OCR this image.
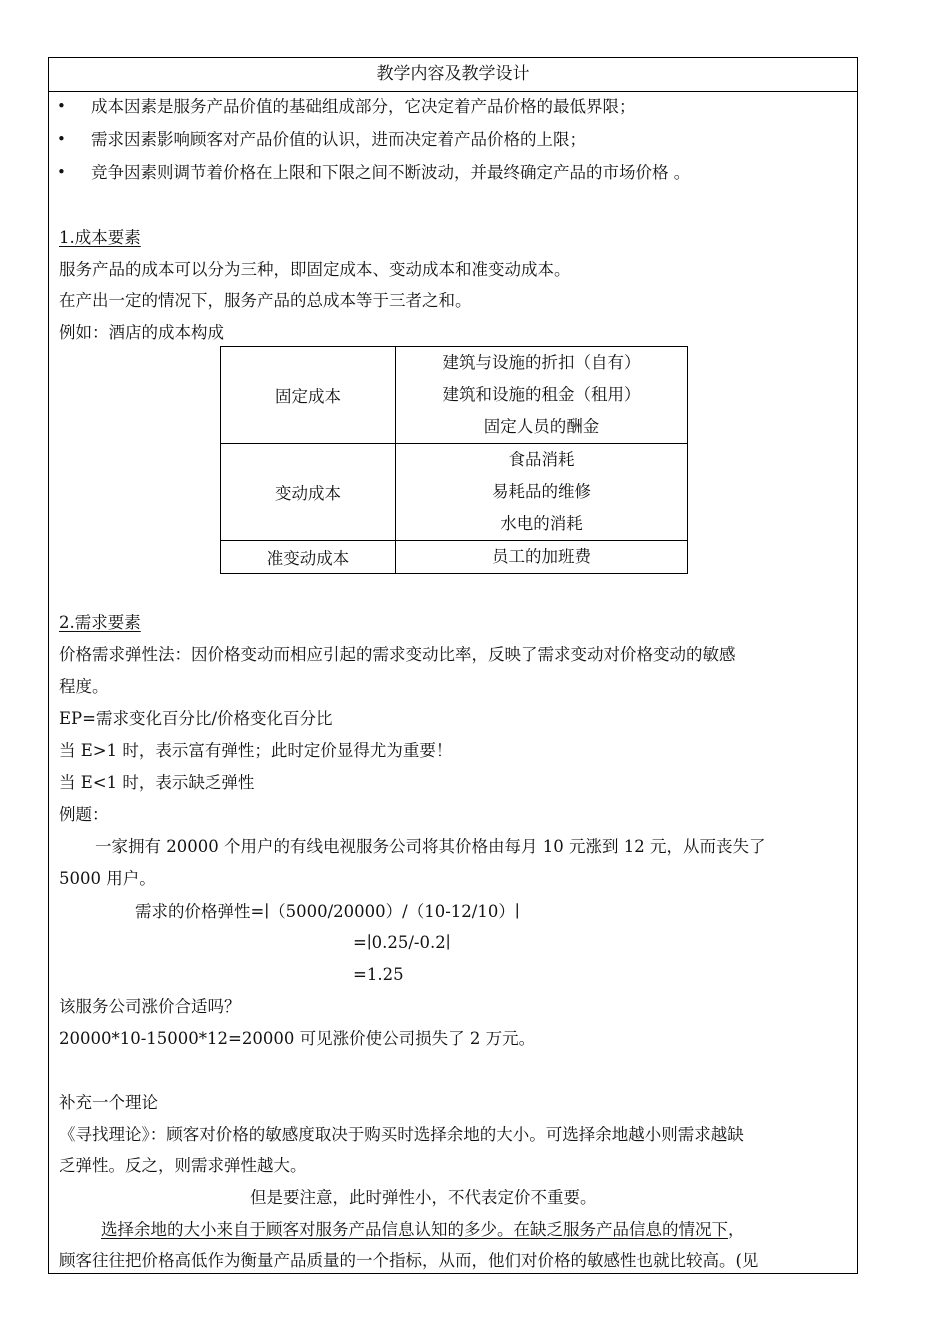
教学内容及教学设计
• 成本因素是服务产品价值的基础组成部分，它决定着产品价格的最低界限；
• 需求因素影响顾客对产品价值的认识，进而决定着产品价格的上限；
• 竞争因素则调节着价格在上限和下限之间不断波动，并最终确定产品的市场价格 。
1.成本要素
服务产品的成本可以分为三种，即固定成本、变动成本和准变动成本。
在产出一定的情况下，服务产品的总成本等于三者之和。
例如：酒店的成本构成
固定成本	建筑与设施的折扣（自有）
建筑和设施的租金（租用）
固定人员的酬金

变动成本	食品消耗
易耗品的维修
水电的消耗

准变动成本	员工的加班费
2.需求要素
价格需求弹性法：因价格变动而相应引起的需求变动比率，反映了需求变动对价格变动的敏感
程度。
EP=需求变化百分比/价格变化百分比
当 E>1 时，表示富有弹性；此时定价显得尤为重要！
当 E<1 时，表示缺乏弹性
例题：
一家拥有 20000 个用户的有线电视服务公司将其价格由每月 10 元涨到 12 元，从而丧失了
5000 用户。
需求的价格弹性=∣（5000/20000）/（10-12/10）∣
=∣0.25/-0.2∣
=1.25
该服务公司涨价合适吗？
20000*10-15000*12=20000 可见涨价使公司损失了 2 万元。
补充一个理论
《寻找理论》：顾客对价格的敏感度取决于购买时选择余地的大小。可选择余地越小则需求越缺
乏弹性。反之，则需求弹性越大。
但是要注意，此时弹性小，不代表定价不重要。
选择余地的大小来自于顾客对服务产品信息认知的多少。在缺乏服务产品信息的情况下，
顾客往往把价格高低作为衡量产品质量的一个指标，从而，他们对价格的敏感性也就比较高。(见
